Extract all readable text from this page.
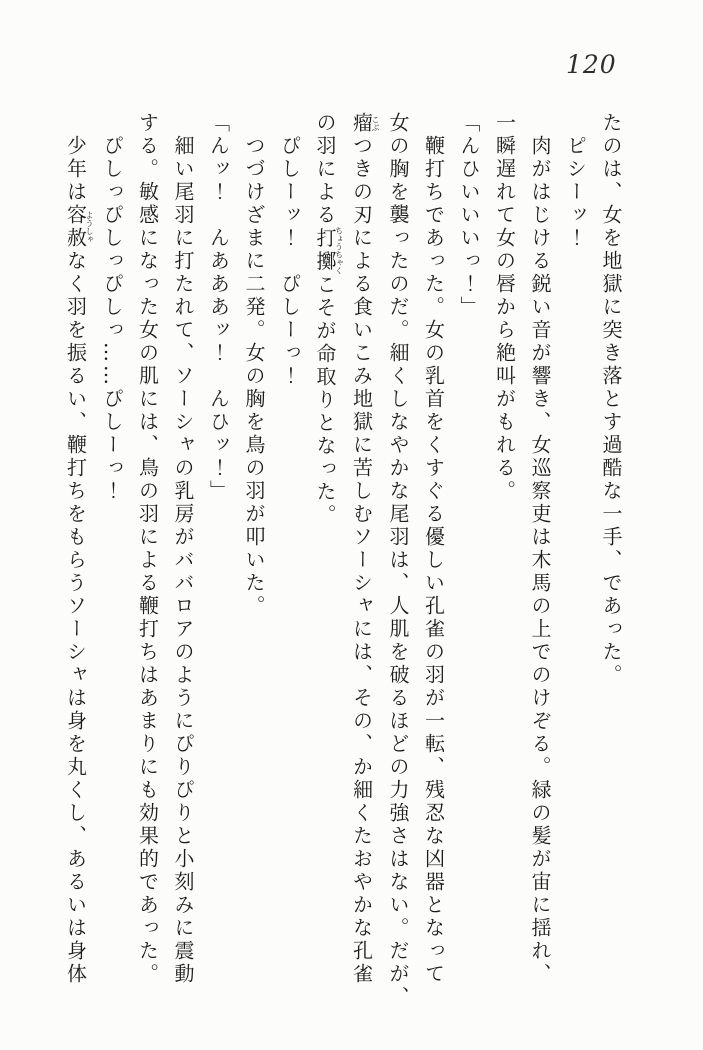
120

たのは、女を地獄に突き落とす過酷な一手、であった。

ピシーッ！

肉がはじける鋭い音が響き、女巡察吏は木馬の上でのけぞる。緑の髪が宙に揺れ、

一瞬遅れて女の唇から絶叫がもれる。

「んひいいいっ！」

鞭打ちであった。女の乳首をくすぐる優しい孔雀の羽が一転、残忍な凶器となって

女の胸を襲ったのだ。細くしなやかな尾羽は、人肌を破るほどの力強さはない。だが、

瘤こぶつきの刃による食いこみ地獄に苦しむソーシャには、その、か細くたおやかな孔雀

の羽による打擲ちょうちゃくこそが命取りとなった。

ぴしーッ！　ぴしーっ！

つづけざまに二発。女の胸を鳥の羽が叩いた。

「んッ！　んあああッ！　んひッ！」

細い尾羽に打たれて、ソーシャの乳房がババロアのようにぴりぴりと小刻みに震動

する。敏感になった女の肌には、鳥の羽による鞭打ちはあまりにも効果的であった。

ぴしっぴしっぴしっ……ぴしーっ！

少年は容赦ようしゃなく羽を振るい、鞭打ちをもらうソーシャは身を丸くし、あるいは身体
